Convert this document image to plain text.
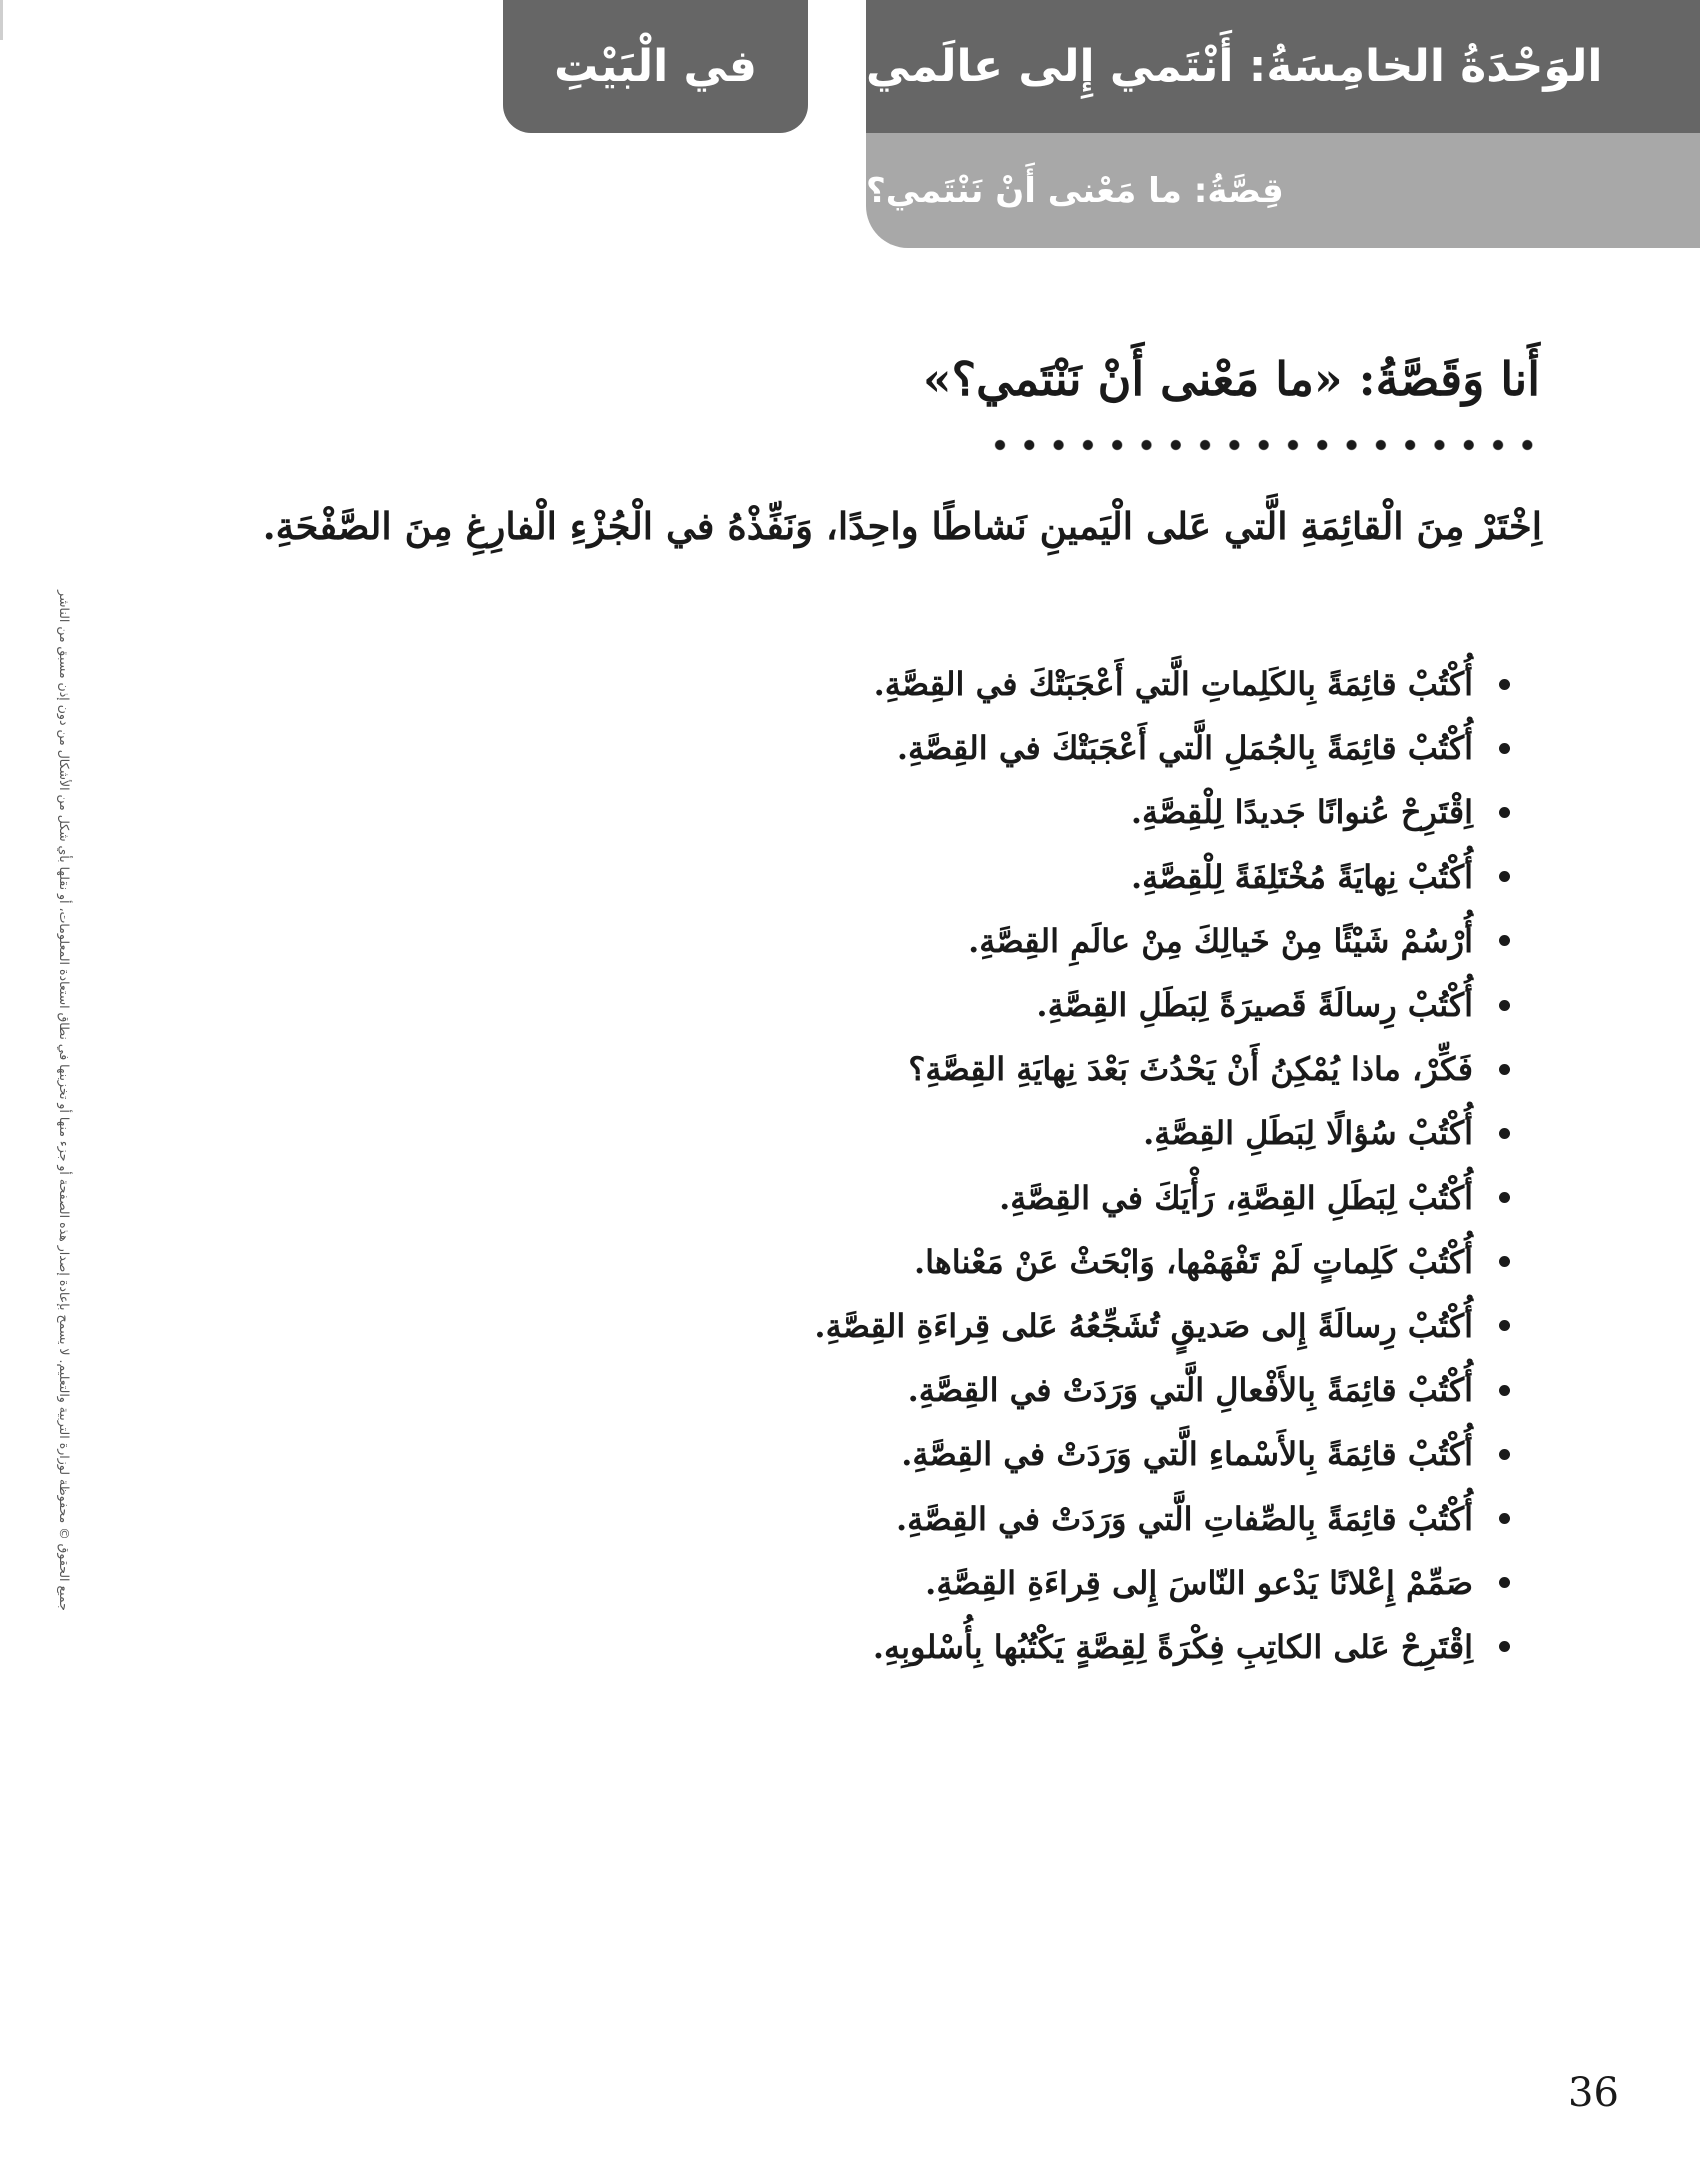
في الْبَيْتِ الوَحْدَةُ الخامِسَةُ: أَنْتَمي إِلى عالَمي
قِصَّةُ: ما مَعْنى أَنْ نَنْتَمي؟
أَنا وَقَصَّةُ: «ما مَعْنى أَنْ نَنْتَمي؟»
اِخْتَرْ مِنَ الْقائِمَةِ الَّتي عَلى الْيَمينِ نَشاطًا واحِدًا، وَنَفِّذْهُ في الْجُزْءِ الْفارِغِ مِنَ الصَّفْحَةِ.
أُكْتُبْ قائِمَةً بِالكَلِماتِ الَّتي أَعْجَبَتْكَ في القِصَّةِ.
أُكْتُبْ قائِمَةً بِالجُمَلِ الَّتي أَعْجَبَتْكَ في القِصَّةِ.
اِقْتَرِحْ عُنوانًا جَديدًا لِلْقِصَّةِ.
أُكْتُبْ نِهايَةً مُخْتَلِفَةً لِلْقِصَّةِ.
أُرْسُمْ شَيْئًا مِنْ خَيالِكَ مِنْ عالَمِ القِصَّةِ.
أُكْتُبْ رِسالَةً قَصيرَةً لِبَطَلِ القِصَّةِ.
فَكِّرْ، ماذا يُمْكِنُ أَنْ يَحْدُثَ بَعْدَ نِهايَةِ القِصَّةِ؟
أُكْتُبْ سُؤالًا لِبَطَلِ القِصَّةِ.
أُكْتُبْ لِبَطَلِ القِصَّةِ، رَأْيَكَ في القِصَّةِ.
أُكْتُبْ كَلِماتٍ لَمْ تَفْهَمْها، وَابْحَثْ عَنْ مَعْناها.
أُكْتُبْ رِسالَةً إِلى صَديقٍ تُشَجِّعُهُ عَلى قِراءَةِ القِصَّةِ.
أُكْتُبْ قائِمَةً بِالأَفْعالِ الَّتي وَرَدَتْ في القِصَّةِ.
أُكْتُبْ قائِمَةً بِالأَسْماءِ الَّتي وَرَدَتْ في القِصَّةِ.
أُكْتُبْ قائِمَةً بِالصِّفاتِ الَّتي وَرَدَتْ في القِصَّةِ.
صَمِّمْ إِعْلانًا يَدْعو النّاسَ إِلى قِراءَةِ القِصَّةِ.
اِقْتَرِحْ عَلى الكاتِبِ فِكْرَةً لِقِصَّةٍ يَكْتُبُها بِأُسْلوبِهِ.
جميع الحقوق © محفوظة لوزارة التربية والتعليم. لا يسمح بإعادة إصدار هذه الصفحة أو جزء منها أو تخزينها في نطاق استعادة المعلومات، أو نقلها بأي شكل من الأشكال من دون إذن مسبق من الناشر
36
